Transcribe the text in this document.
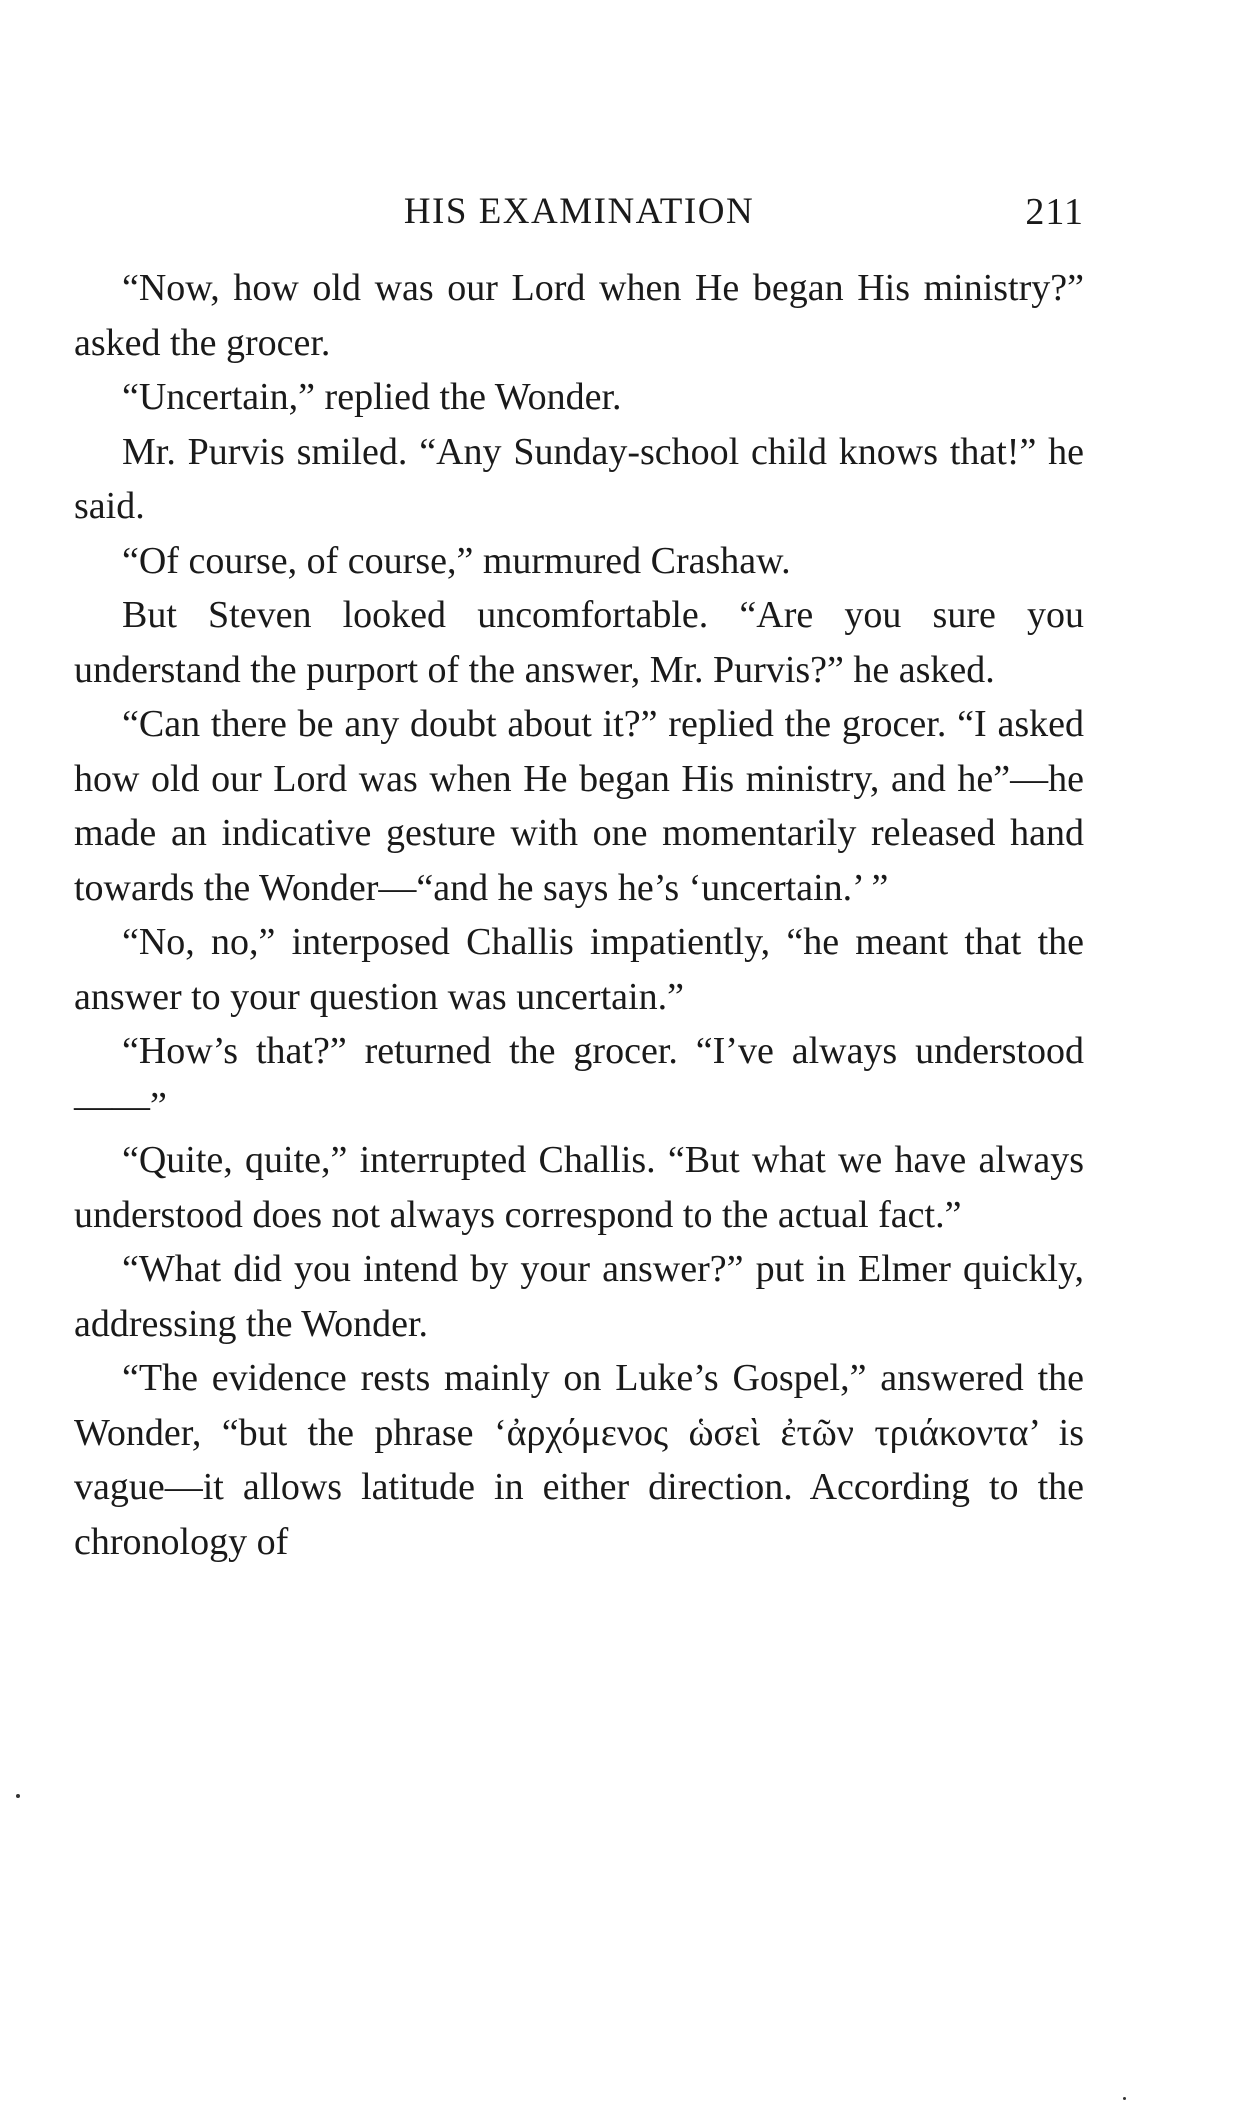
HIS EXAMINATION	211

“Now, how old was our Lord when He began His ministry?” asked the grocer.

“Uncertain,” replied the Wonder.

Mr. Purvis smiled. “Any Sunday-school child knows that!” he said.

“Of course, of course,” murmured Crashaw.

But Steven looked uncomfortable. “Are you sure you understand the purport of the answer, Mr. Purvis?” he asked.

“Can there be any doubt about it?” replied the grocer. “I asked how old our Lord was when He began His ministry, and he”—he made an indicative gesture with one momentarily released hand towards the Wonder—“and he says he’s ‘uncertain.’ ”

“No, no,” interposed Challis impatiently, “he meant that the answer to your question was uncertain.”

“How’s that?” returned the grocer. “I’ve always understood——”

“Quite, quite,” interrupted Challis. “But what we have always understood does not always correspond to the actual fact.”

“What did you intend by your answer?” put in Elmer quickly, addressing the Wonder.

“The evidence rests mainly on Luke’s Gospel,” answered the Wonder, “but the phrase ‘ἀρχόμενος ὡσεὶ ἐτῶν τριάκοντα’ is vague—it allows latitude in either direction. According to the chronology of
